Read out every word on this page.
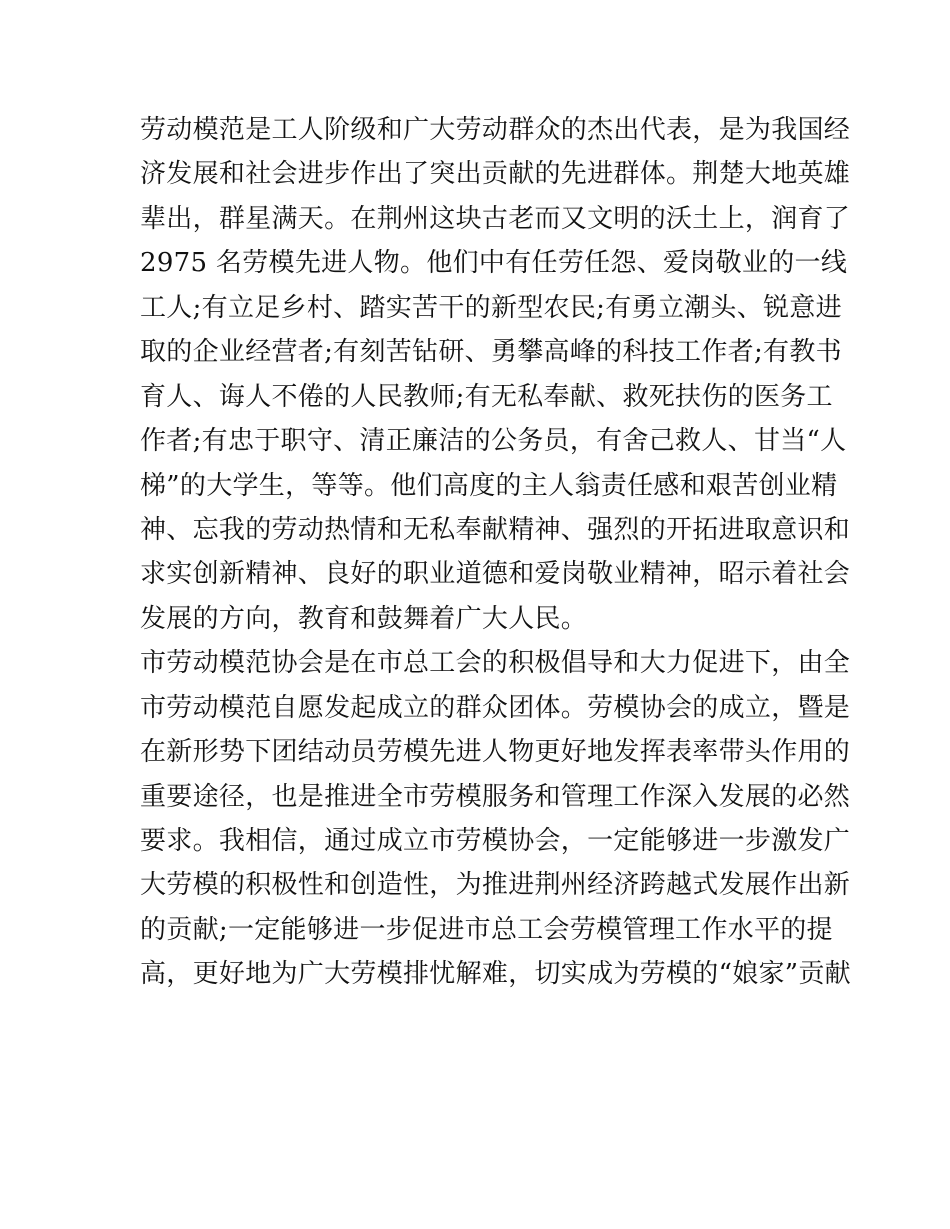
劳动模范是工人阶级和广大劳动群众的杰出代表，是为我国经
济发展和社会进步作出了突出贡献的先进群体。荆楚大地英雄
辈出，群星满天。在荆州这块古老而又文明的沃土上，润育了
2975 名劳模先进人物。他们中有任劳任怨、爱岗敬业的一线
工人;有立足乡村、踏实苦干的新型农民;有勇立潮头、锐意进
取的企业经营者;有刻苦钻研、勇攀高峰的科技工作者;有教书
育人、诲人不倦的人民教师;有无私奉献、救死扶伤的医务工
作者;有忠于职守、清正廉洁的公务员，有舍己救人、甘当“人
梯”的大学生，等等。他们高度的主人翁责任感和艰苦创业精
神、忘我的劳动热情和无私奉献精神、强烈的开拓进取意识和
求实创新精神、良好的职业道德和爱岗敬业精神，昭示着社会
发展的方向，教育和鼓舞着广大人民。
市劳动模范协会是在市总工会的积极倡导和大力促进下，由全
市劳动模范自愿发起成立的群众团体。劳模协会的成立，暨是
在新形势下团结动员劳模先进人物更好地发挥表率带头作用的
重要途径，也是推进全市劳模服务和管理工作深入发展的必然
要求。我相信，通过成立市劳模协会，一定能够进一步激发广
大劳模的积极性和创造性，为推进荆州经济跨越式发展作出新
的贡献;一定能够进一步促进市总工会劳模管理工作水平的提
高，更好地为广大劳模排忧解难，切实成为劳模的“娘家”贡献
